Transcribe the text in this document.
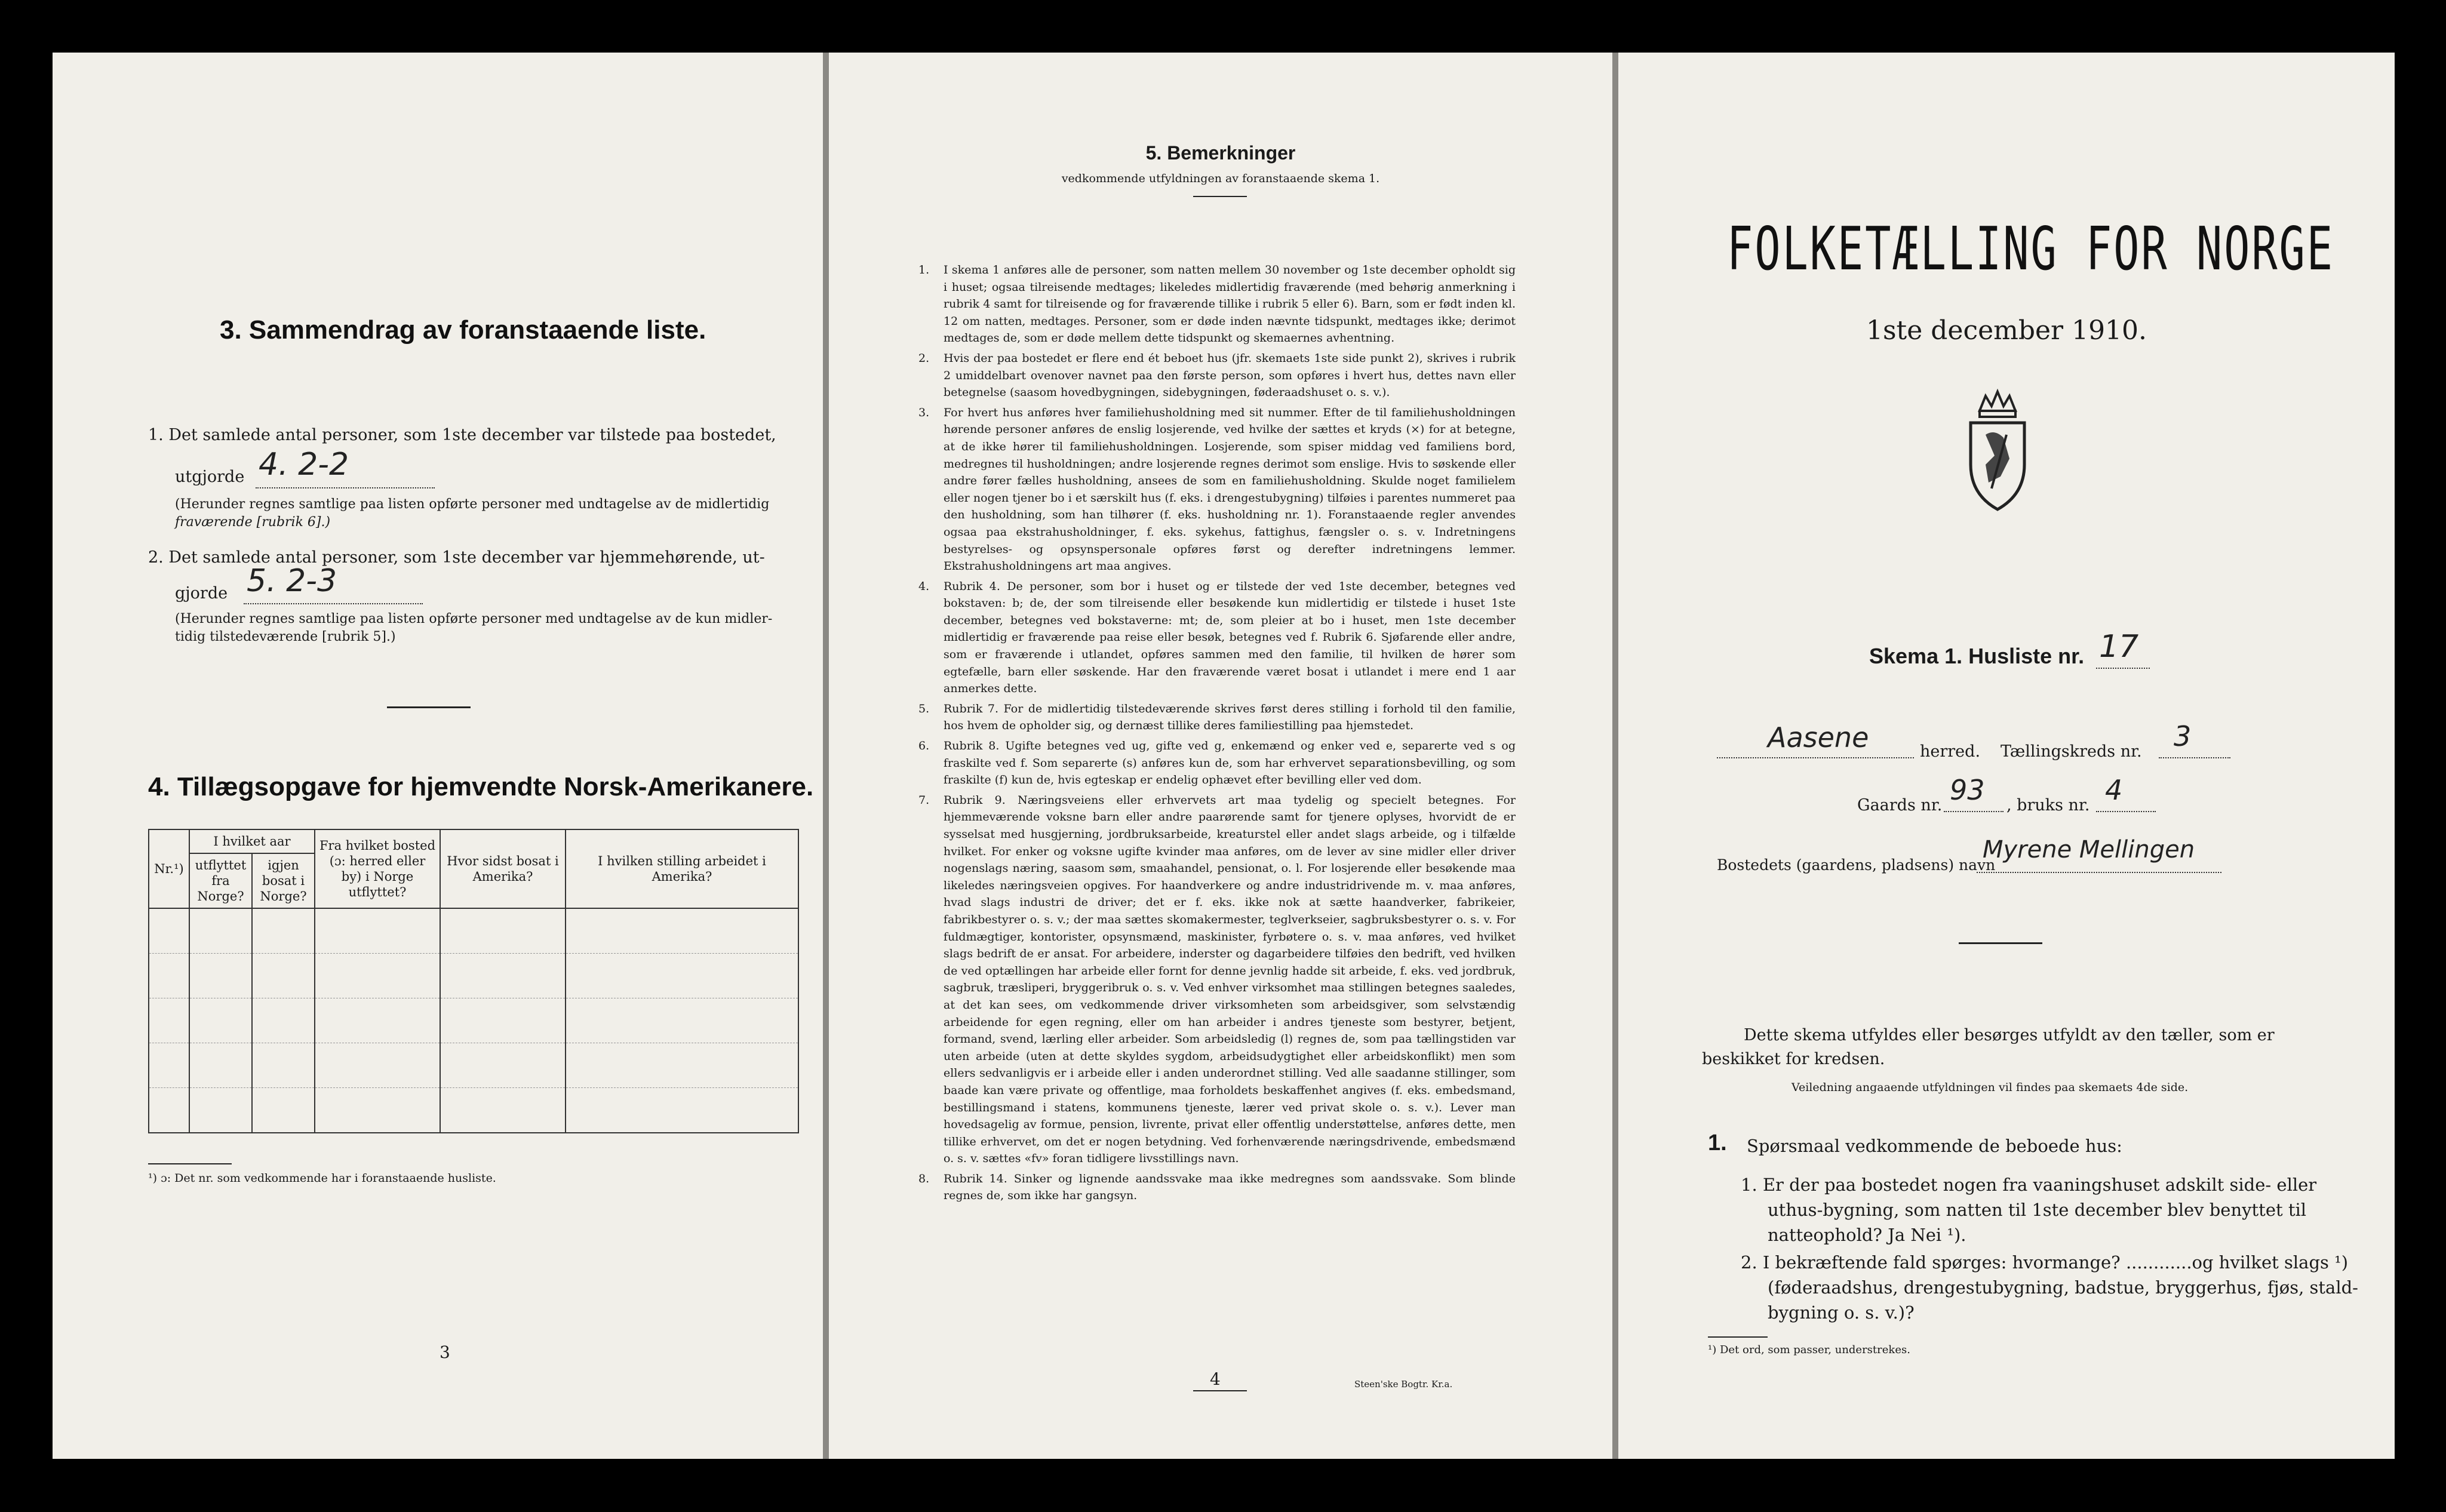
3. Sammendrag av foranstaaende liste.
1. Det samlede antal personer, som 1ste december var tilstede paa bostedet,
utgjorde 4. 2-2
(Herunder regnes samtlige paa listen opførte personer med undtagelse av de midlertidig
fraværende [rubrik 6].)
2. Det samlede antal personer, som 1ste december var hjemmehørende, ut-
gjorde 5. 2-3
(Herunder regnes samtlige paa listen opførte personer med undtagelse av de kun midler-
tidig tilstedeværende [rubrik 5].)
4. Tillægsopgave for hjemvendte Norsk-Amerikanere.
Nr.¹)	I hvilket aar		Fra hvilket bosted (ɔ: herred eller by) i Norge utflyttet?	Hvor sidst bosat i Amerika?	I hvilken stilling arbeidet i Amerika?
	utflyttet fra Norge?	igjen bosat i Norge?			

¹) ɔ: Det nr. som vedkommende har i foranstaaende husliste.
3
5. Bemerkninger
vedkommende utfyldningen av foranstaaende skema 1.
1. I skema 1 anføres alle de personer, som natten mellem 30 november og 1ste december opholdt sig i huset; ogsaa tilreisende medtages; likeledes midlertidig fraværende (med behørig anmerkning i rubrik 4 samt for tilreisende og for fraværende tillike i rubrik 5 eller 6). Barn, som er født inden kl. 12 om natten, medtages. Personer, som er døde inden nævnte tidspunkt, medtages ikke; derimot medtages de, som er døde mellem dette tidspunkt og skemaernes avhentning.
2. Hvis der paa bostedet er flere end ét beboet hus (jfr. skemaets 1ste side punkt 2), skrives i rubrik 2 umiddelbart ovenover navnet paa den første person, som opføres i hvert hus, dettes navn eller betegnelse (saasom hovedbygningen, sidebygningen, føderaadshuset o. s. v.).
3. For hvert hus anføres hver familiehusholdning med sit nummer. Efter de til familiehusholdningen hørende personer anføres de enslig losjerende, ved hvilke der sættes et kryds (×) for at betegne, at de ikke hører til familiehusholdningen. Losjerende, som spiser middag ved familiens bord, medregnes til husholdningen; andre losjerende regnes derimot som enslige. Hvis to søskende eller andre fører fælles husholdning, ansees de som en familiehusholdning. Skulde noget familielem eller nogen tjener bo i et særskilt hus (f. eks. i drengestubygning) tilføies i parentes nummeret paa den husholdning, som han tilhører (f. eks. husholdning nr. 1). Foranstaaende regler anvendes ogsaa paa ekstrahusholdninger, f. eks. sykehus, fattighus, fængsler o. s. v. Indretningens bestyrelses- og opsynspersonale opføres først og derefter indretningens lemmer. Ekstrahusholdningens art maa angives.
4. Rubrik 4. De personer, som bor i huset og er tilstede der ved 1ste december, betegnes ved bokstaven: b; de, der som tilreisende eller besøkende kun midlertidig er tilstede i huset 1ste december, betegnes ved bokstaverne: mt; de, som pleier at bo i huset, men 1ste december midlertidig er fraværende paa reise eller besøk, betegnes ved f. Rubrik 6. Sjøfarende eller andre, som er fraværende i utlandet, opføres sammen med den familie, til hvilken de hører som egtefælle, barn eller søskende. Har den fraværende været bosat i utlandet i mere end 1 aar anmerkes dette.
5. Rubrik 7. For de midlertidig tilstedeværende skrives først deres stilling i forhold til den familie, hos hvem de opholder sig, og dernæst tillike deres familiestilling paa hjemstedet.
6. Rubrik 8. Ugifte betegnes ved ug, gifte ved g, enkemænd og enker ved e, separerte ved s og fraskilte ved f. Som separerte (s) anføres kun de, som har erhvervet separationsbevilling, og som fraskilte (f) kun de, hvis egteskap er endelig ophævet efter bevilling eller ved dom.
7. Rubrik 9. Næringsveiens eller erhvervets art maa tydelig og specielt betegnes. For hjemmeværende voksne barn eller andre paarørende samt for tjenere oplyses, hvorvidt de er sysselsat med husgjerning, jordbruksarbeide, kreaturstel eller andet slags arbeide, og i tilfælde hvilket. For enker og voksne ugifte kvinder maa anføres, om de lever av sine midler eller driver nogenslags næring, saasom søm, smaahandel, pensionat, o. l. For losjerende eller besøkende maa likeledes næringsveien opgives. For haandverkere og andre industridrivende m. v. maa anføres, hvad slags industri de driver; det er f. eks. ikke nok at sætte haandverker, fabrikeier, fabrikbestyrer o. s. v.; der maa sættes skomakermester, teglverkseier, sagbruksbestyrer o. s. v. For fuldmægtiger, kontorister, opsynsmænd, maskinister, fyrbøtere o. s. v. maa anføres, ved hvilket slags bedrift de er ansat. For arbeidere, inderster og dagarbeidere tilføies den bedrift, ved hvilken de ved optællingen har arbeide eller fornt for denne jevnlig hadde sit arbeide, f. eks. ved jordbruk, sagbruk, træsliperi, bryggeribruk o. s. v. Ved enhver virksomhet maa stillingen betegnes saaledes, at det kan sees, om vedkommende driver virksomheten som arbeidsgiver, som selvstændig arbeidende for egen regning, eller om han arbeider i andres tjeneste som bestyrer, betjent, formand, svend, lærling eller arbeider. Som arbeidsledig (l) regnes de, som paa tællingstiden var uten arbeide (uten at dette skyldes sygdom, arbeidsudygtighet eller arbeidskonflikt) men som ellers sedvanligvis er i arbeide eller i anden underordnet stilling. Ved alle saadanne stillinger, som baade kan være private og offentlige, maa forholdets beskaffenhet angives (f. eks. embedsmand, bestillingsmand i statens, kommunens tjeneste, lærer ved privat skole o. s. v.). Lever man hovedsagelig av formue, pension, livrente, privat eller offentlig understøttelse, anføres dette, men tillike erhvervet, om det er nogen betydning. Ved forhenværende næringsdrivende, embedsmænd o. s. v. sættes «fv» foran tidligere livsstillings navn.
8. Rubrik 14. Sinker og lignende aandssvake maa ikke medregnes som aandssvake. Som blinde regnes de, som ikke har gangsyn.
4	Steen'ske Bogtr. Kr.a.
FOLKETÆLLING FOR NORGE
1ste december 1910.
Skema 1. Husliste nr. 17
Aasene	herred. Tællingskreds nr. 3
Gaards nr. 93 , bruks nr. 4
Bostedets (gaardens, pladsens) navn
Myrene Mellingen
Dette skema utfyldes eller besørges utfyldt av den tæller, som er
beskikket for kredsen.
Veiledning angaaende utfyldningen vil findes paa skemaets 4de side.
1. Spørsmaal vedkommende de beboede hus:
1. Er der paa bostedet nogen fra vaaningshuset adskilt side- eller
uthus-bygning, som natten til 1ste december blev benyttet til
natteophold? Ja Nei ¹).
2. I bekræftende fald spørges: hvormange? ............og hvilket slags ¹)
(føderaadshus, drengestubygning, badstue, bryggerhus, fjøs, stald-
bygning o. s. v.)?
¹) Det ord, som passer, understrekes.
